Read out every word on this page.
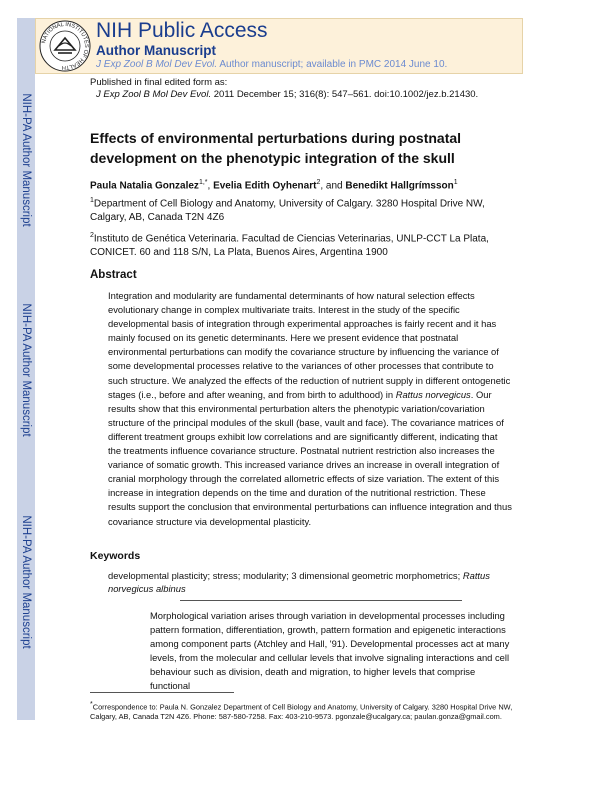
NIH-PA Author Manuscript
NIH-PA Author Manuscript
NIH-PA Author Manuscript
NATIONAL INSTITUTES OF HEALTH
NIH Public Access
Author Manuscript
J Exp Zool B Mol Dev Evol. Author manuscript; available in PMC 2014 June 10.
Published in final edited form as:
J Exp Zool B Mol Dev Evol. 2011 December 15; 316(8): 547–561. doi:10.1002/jez.b.21430.
Effects of environmental perturbations during postnatal development on the phenotypic integration of the skull
Paula Natalia Gonzalez$^{1,*}$, Evelia Edith Oyhenart$^2$, and Benedikt Hallgrímsson$^1$
$^1$Department of Cell Biology and Anatomy, University of Calgary. 3280 Hospital Drive NW, Calgary, AB, Canada T2N 4Z6
$^2$Instituto de Genética Veterinaria. Facultad de Ciencias Veterinarias, UNLP-CCT La Plata, CONICET. 60 and 118 S/N, La Plata, Buenos Aires, Argentina 1900
Abstract
Integration and modularity are fundamental determinants of how natural selection effects evolutionary change in complex multivariate traits. Interest in the study of the specific developmental basis of integration through experimental approaches is fairly recent and it has mainly focused on its genetic determinants. Here we present evidence that postnatal environmental perturbations can modify the covariance structure by influencing the variance of some developmental processes relative to the variances of other processes that contribute to such structure. We analyzed the effects of the reduction of nutrient supply in different ontogenetic stages (i.e., before and after weaning, and from birth to adulthood) in Rattus norvegicus. Our results show that this environmental perturbation alters the phenotypic variation/covariation structure of the principal modules of the skull (base, vault and face). The covariance matrices of different treatment groups exhibit low correlations and are significantly different, indicating that the treatments influence covariance structure. Postnatal nutrient restriction also increases the variance of somatic growth. This increased variance drives an increase in overall integration of cranial morphology through the correlated allometric effects of size variation. The extent of this increase in integration depends on the time and duration of the nutritional restriction. These results support the conclusion that environmental perturbations can influence integration and thus covariance structure via developmental plasticity.
Keywords
developmental plasticity; stress; modularity; 3 dimensional geometric morphometrics; Rattus norvegicus albinus
Morphological variation arises through variation in developmental processes including pattern formation, differentiation, growth, pattern formation and epigenetic interactions among component parts (Atchley and Hall, '91). Developmental processes act at many levels, from the molecular and cellular levels that involve signaling interactions and cell behaviour such as division, death and migration, to higher levels that comprise functional
*Correspondence to: Paula N. Gonzalez Department of Cell Biology and Anatomy, University of Calgary. 3280 Hospital Drive NW, Calgary, AB, Canada T2N 4Z6. Phone: 587-580-7258. Fax: 403-210-9573. pgonzale@ucalgary.ca; paulan.gonza@gmail.com.
